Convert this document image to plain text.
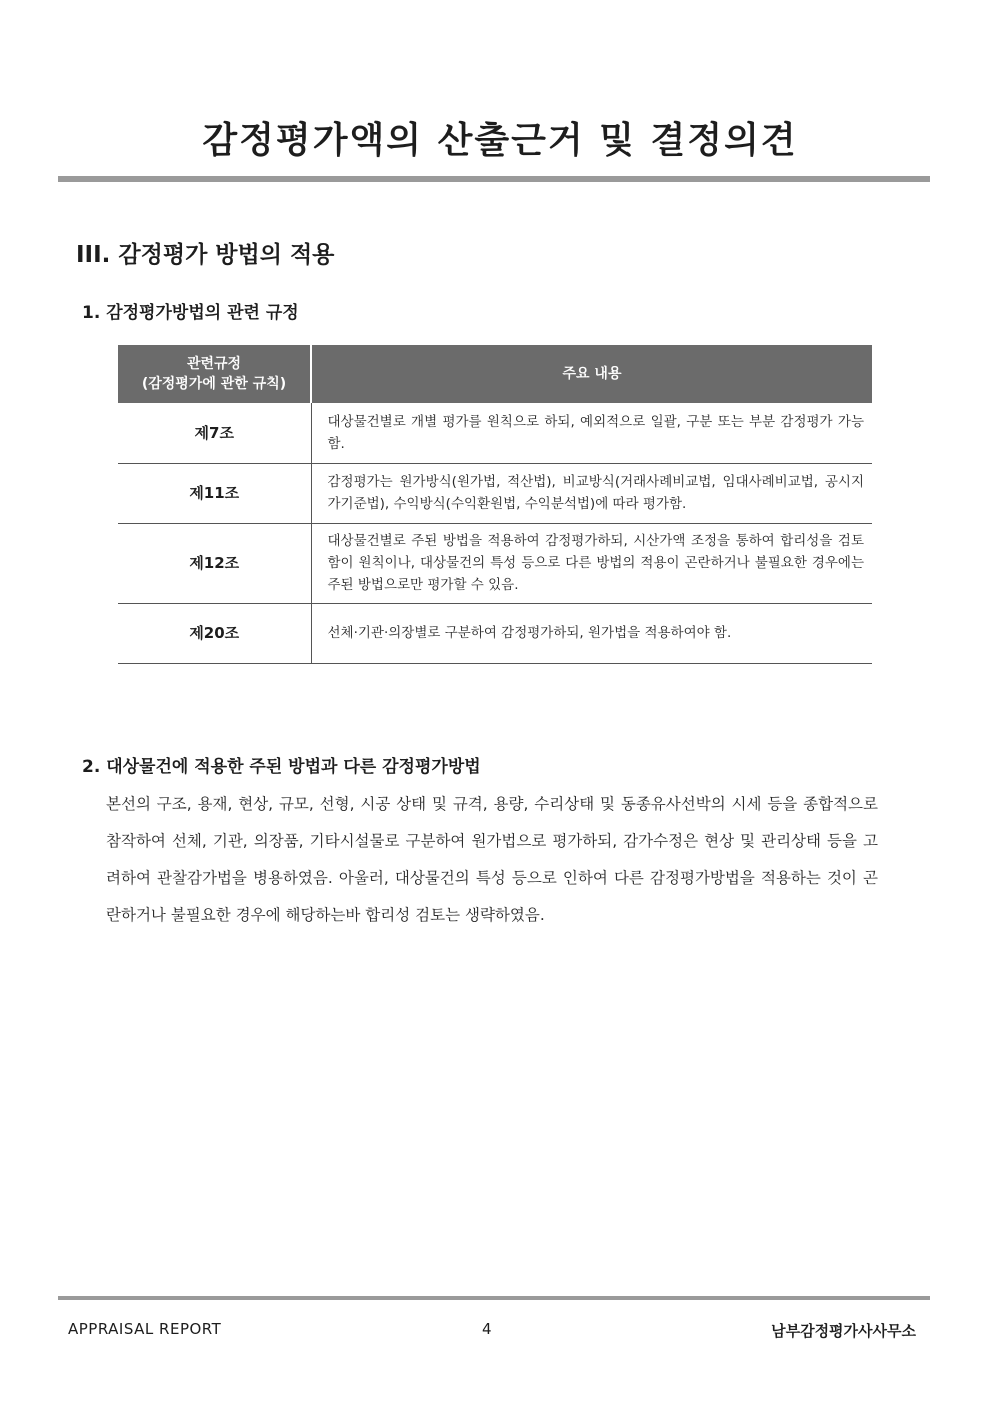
감정평가액의 산출근거 및 결정의견
III. 감정평가 방법의 적용
1. 감정평가방법의 관련 규정
관련규정
(감정평가에 관한 규칙)	주요 내용
제7조	대상물건별로 개별 평가를 원칙으로 하되, 예외적으로 일괄, 구분 또는 부분 감정평가 가능함.
제11조	감정평가는 원가방식(원가법, 적산법), 비교방식(거래사례비교법, 임대사례비교법, 공시지가기준법), 수익방식(수익환원법, 수익분석법)에 따라 평가함.
제12조	대상물건별로 주된 방법을 적용하여 감정평가하되, 시산가액 조정을 통하여 합리성을 검토함이 원칙이나, 대상물건의 특성 등으로 다른 방법의 적용이 곤란하거나 불필요한 경우에는 주된 방법으로만 평가할 수 있음.
제20조	선체·기관·의장별로 구분하여 감정평가하되, 원가법을 적용하여야 함.
2. 대상물건에 적용한 주된 방법과 다른 감정평가방법

본선의 구조, 용재, 현상, 규모, 선형, 시공 상태 및 규격, 용량, 수리상태 및 동종유사선박의 시세 등을 종합적으로 참작하여 선체, 기관, 의장품, 기타시설물로 구분하여 원가법으로 평가하되, 감가수정은 현상 및 관리상태 등을 고려하여 관찰감가법을 병용하였음. 아울러, 대상물건의 특성 등으로 인하여 다른 감정평가방법을 적용하는 것이 곤란하거나 불필요한 경우에 해당하는바 합리성 검토는 생략하였음.

APPRAISAL REPORT	4	남부감정평가사사무소
